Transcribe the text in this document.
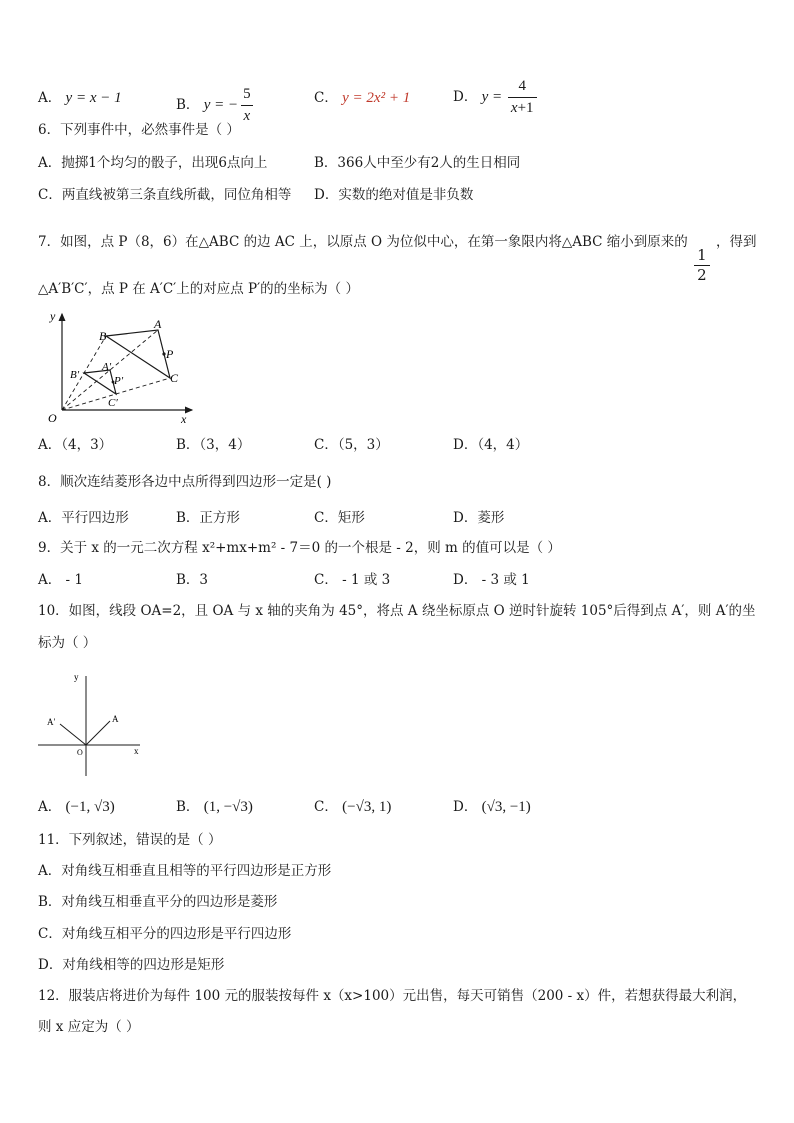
A． y = x − 1	B． y = − $\frac{5}{x}$	C． y = 2x² + 1	D． $y = \frac{4}{x+1}$
6．下列事件中，必然事件是（ ）
A．抛掷1个均匀的骰子，出现6点向上	B．366人中至少有2人的生日相同
C．两直线被第三条直线所截，同位角相等 D．实数的绝对值是非负数
7．如图，点 P（8，6）在△ABC 的边 AC 上，以原点 O 为位似中心，在第一象限内将△ABC 缩小到原来的
$\frac{1}{2}$
，得到
△A′B′C′，点 P 在 A′C′上的对应点 P′的的坐标为（ ）
y
x
O
A
B
C
P
A′
B′
C′
P′
A．（4，3）	B．（3，4）	C．（5，3）	D．（4，4）
8．顺次连结菱形各边中点所得到四边形一定是( )
A．平行四边形	B．正方形	C．矩形	D．菱形
9．关于 x 的一元二次方程 x²+mx+m² - 7＝0 的一个根是 - 2，则 m 的值可以是（ ）
A． - 1	B．3	C． - 1 或 3	D． - 3 或 1
10．如图，线段 OA=2，且 OA 与 x 轴的夹角为 45°，将点 A 绕坐标原点 O 逆时针旋转 105°后得到点 A′，则 A′的坐
标为（ ）
y
x
O
A
A′
A． (−1, √3)	B． (1, −√3)	C． (−√3, 1)	D． (√3, −1)
11．下列叙述，错误的是（ ）
A．对角线互相垂直且相等的平行四边形是正方形
B．对角线互相垂直平分的四边形是菱形
C．对角线互相平分的四边形是平行四边形
D．对角线相等的四边形是矩形
12．服装店将进价为每件 100 元的服装按每件 x（x>100）元出售，每天可销售（200 - x）件，若想获得最大利润，
则 x 应定为（ ）
